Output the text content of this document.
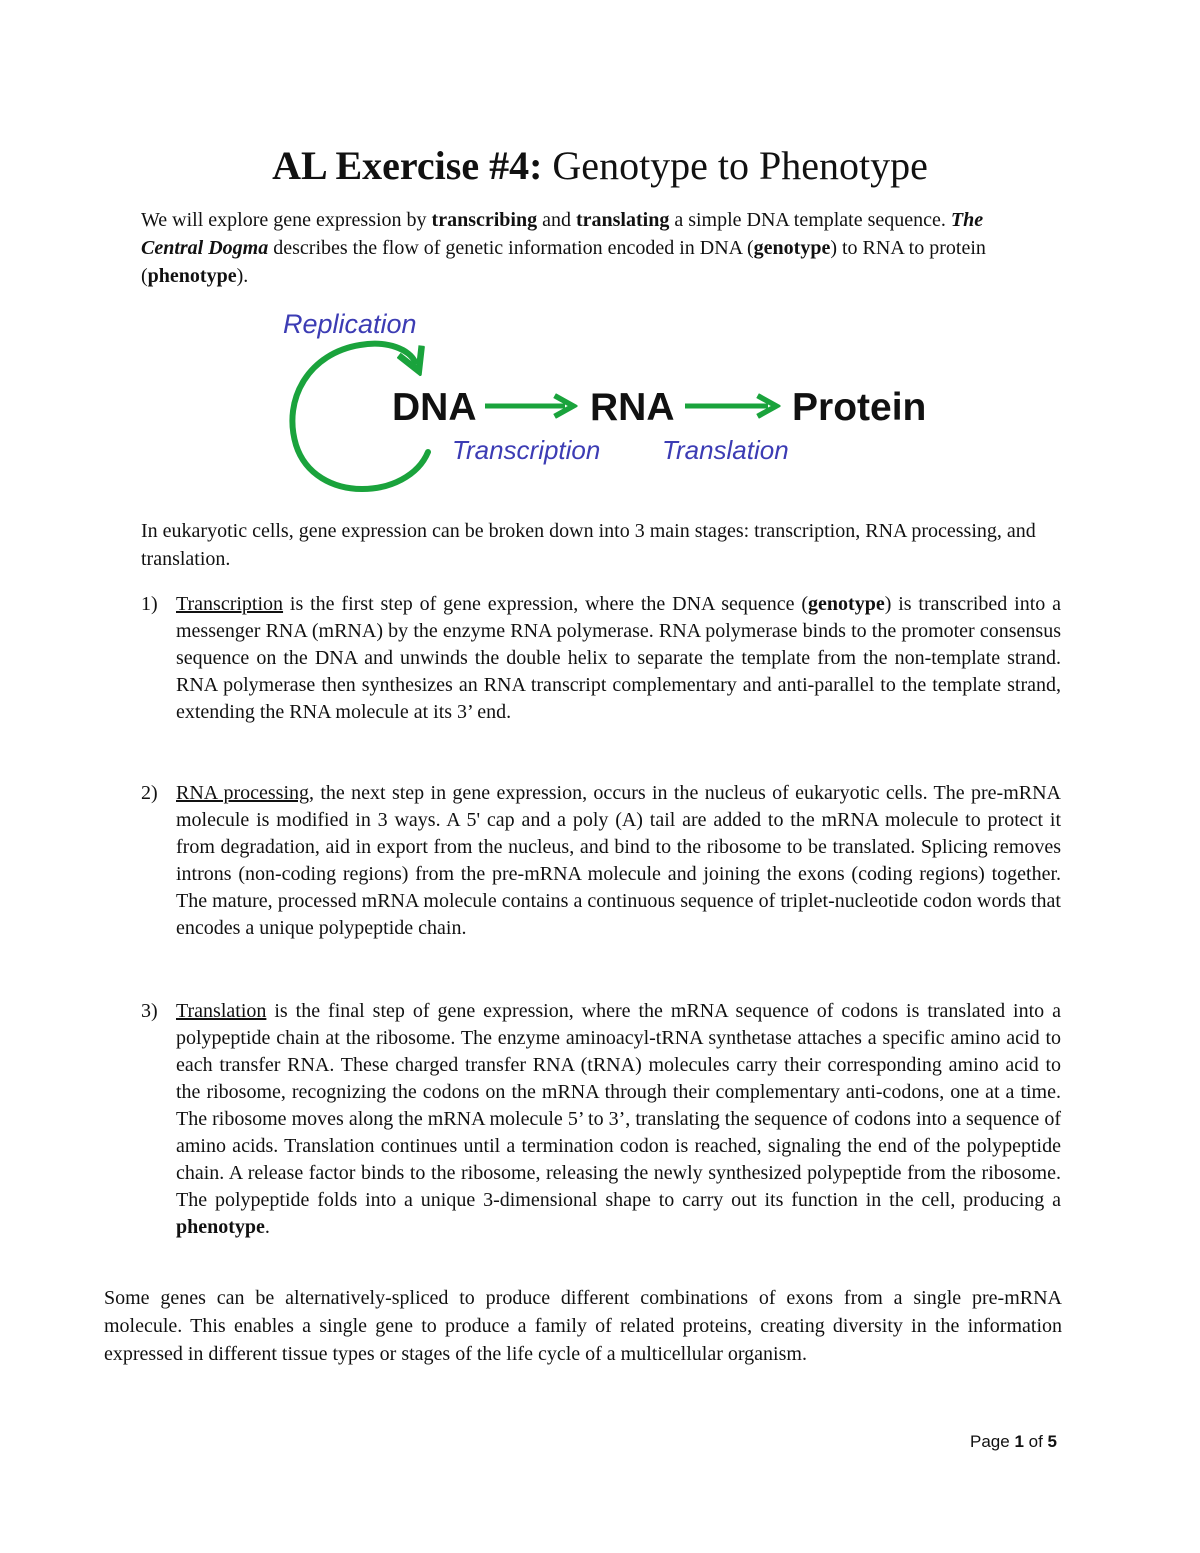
AL Exercise #4: Genotype to Phenotype

We will explore gene expression by transcribing and translating a simple DNA template sequence. The Central Dogma describes the flow of genetic information encoded in DNA (genotype) to RNA to protein (phenotype).

Replication
DNA	RNA	Protein
Transcription Translation

In eukaryotic cells, gene expression can be broken down into 3 main stages: transcription, RNA processing, and translation.

1) Transcription is the first step of gene expression, where the DNA sequence (genotype) is transcribed into a messenger RNA (mRNA) by the enzyme RNA polymerase. RNA polymerase binds to the promoter consensus sequence on the DNA and unwinds the double helix to separate the template from the non-template strand. RNA polymerase then synthesizes an RNA transcript complementary and anti-parallel to the template strand, extending the RNA molecule at its 3’ end.
2) RNA processing, the next step in gene expression, occurs in the nucleus of eukaryotic cells. The pre-mRNA molecule is modified in 3 ways. A 5' cap and a poly (A) tail are added to the mRNA molecule to protect it from degradation, aid in export from the nucleus, and bind to the ribosome to be translated. Splicing removes introns (non-coding regions) from the pre-mRNA molecule and joining the exons (coding regions) together. The mature, processed mRNA molecule contains a continuous sequence of triplet-nucleotide codon words that encodes a unique polypeptide chain.
3) Translation is the final step of gene expression, where the mRNA sequence of codons is translated into a polypeptide chain at the ribosome. The enzyme aminoacyl-tRNA synthetase attaches a specific amino acid to each transfer RNA. These charged transfer RNA (tRNA) molecules carry their corresponding amino acid to the ribosome, recognizing the codons on the mRNA through their complementary anti-codons, one at a time. The ribosome moves along the mRNA molecule 5’ to 3’, translating the sequence of codons into a sequence of amino acids. Translation continues until a termination codon is reached, signaling the end of the polypeptide chain. A release factor binds to the ribosome, releasing the newly synthesized polypeptide from the ribosome. The polypeptide folds into a unique 3-dimensional shape to carry out its function in the cell, producing a phenotype.

Some genes can be alternatively-spliced to produce different combinations of exons from a single pre-mRNA molecule. This enables a single gene to produce a family of related proteins, creating diversity in the information expressed in different tissue types or stages of the life cycle of a multicellular organism.

Page 1 of 5
